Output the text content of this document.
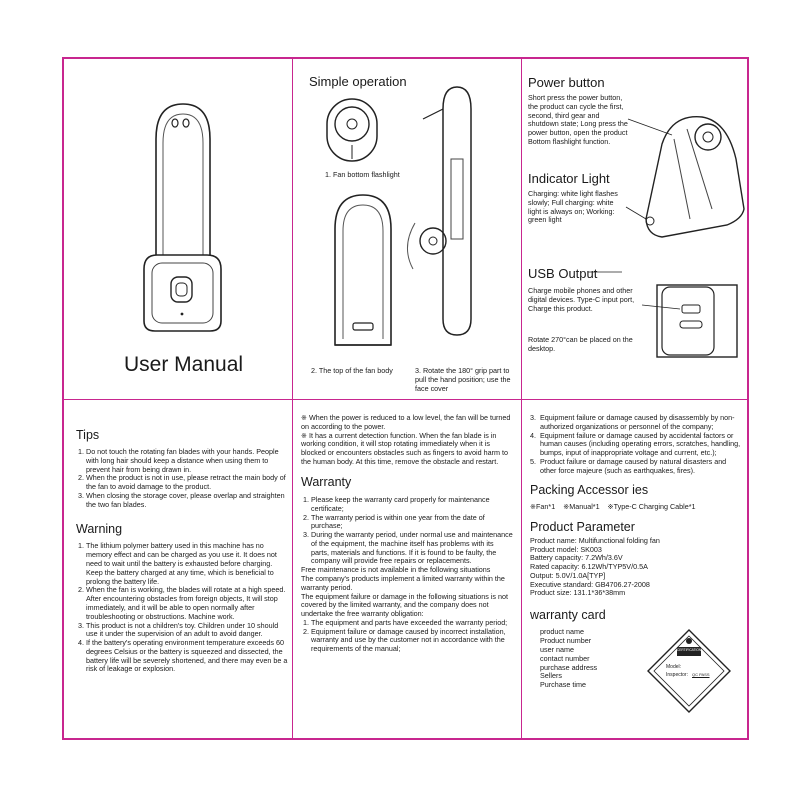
User Manual
Simple operation
1. Fan bottom flashlight
2. The top of the fan body	3. Rotate the 180° grip part to pull the hand position; use the face cover
Power button
Short press the power button, the product can cycle the first, second, third gear and shutdown state; Long press the power button, open the product Bottom flashlight function.
Indicator Light
Charging: white light flashes slowly; Full charging: white light is always on; Working: green light
USB Output
Charge mobile phones and other digital devices. Type-C input port, Charge this product.
Rotate 270°can be placed on the desktop.
Tips
1. Do not touch the rotating fan blades with your hands. People with long hair should keep a distance when using them to prevent hair from being drawn in.
2. When the product is not in use, please retract the main body of the fan to avoid damage to the product.
3. When closing the storage cover, please overlap and straighten the two fan blades.
Warning
1. The lithium polymer battery used in this machine has no memory effect and can be charged as you use it. It does not need to wait until the battery is exhausted before charging. Keep the battery charged at any time, which is beneficial to prolong the battery life.
2. When the fan is working, the blades will rotate at a high speed. After encountering obstacles from foreign objects, It will stop immediately, and it will be able to open normally after troubleshooting or obstructions. Machine work.
3. This product is not a children's toy. Children under 10 should use it under the supervision of an adult to avoid danger.
4. If the battery's operating environment temperature exceeds 60 degrees Celsius or the battery is squeezed and dissected, the battery life will be severely shortened, and there may even be a risk of leakage or explosion.
※ When the power is reduced to a low level, the fan will be turned on according to the power.
※ It has a current detection function. When the fan blade is in working condition, it will stop rotating immediately when it is blocked or encounters obstacles such as fingers to avoid harm to the human body. At this time, remove the obstacle and restart.
Warranty
1. Please keep the warranty card properly for maintenance certificate;
2. The warranty period is within one year from the date of purchase;
3. During the warranty period, under normal use and maintenance of the equipment, the machine itself has problems with its parts, materials and functions. If it is found to be faulty, the company will provide free repairs or replacements.
Free maintenance is not available in the following situations
The company's products implement a limited warranty within the warranty period.
The equipment failure or damage in the following situations is not covered by the limited warranty, and the company does not undertake the free warranty obligation:
1. The equipment and parts have exceeded the warranty period;
2. Equipment failure or damage caused by incorrect installation, warranty and use by the customer not in accordance with the requirements of the manual;
3. Equipment failure or damage caused by disassembly by non-authorized organizations or personnel of the company;
4. Equipment failure or damage caused by accidental factors or human causes (including operating errors, scratches, handling, bumps, input of inappropriate voltage and current, etc.);
5. Product failure or damage caused by natural disasters and other force majeure (such as earthquakes, fires).
Packing Accessor ies
※Fan*1 ※Manual*1 ※Type-C Charging Cable*1
Product Parameter
Product name: Multifunctional folding fan
Product model: SK003
Battery capacity: 7.2Wh/3.6V
Rated capacity: 6.12Wh/TYP5V/0.5A
Output: 5.0V/1.0A[TYP]
Executive standard: GB4706.27-2008
Product size: 131.1*36*38mm
warranty card
product name
Product number
user name
contact number
purchase address
Sellers
Purchase time
CERTIFICATION
Model:
Inspector: QC PASS
